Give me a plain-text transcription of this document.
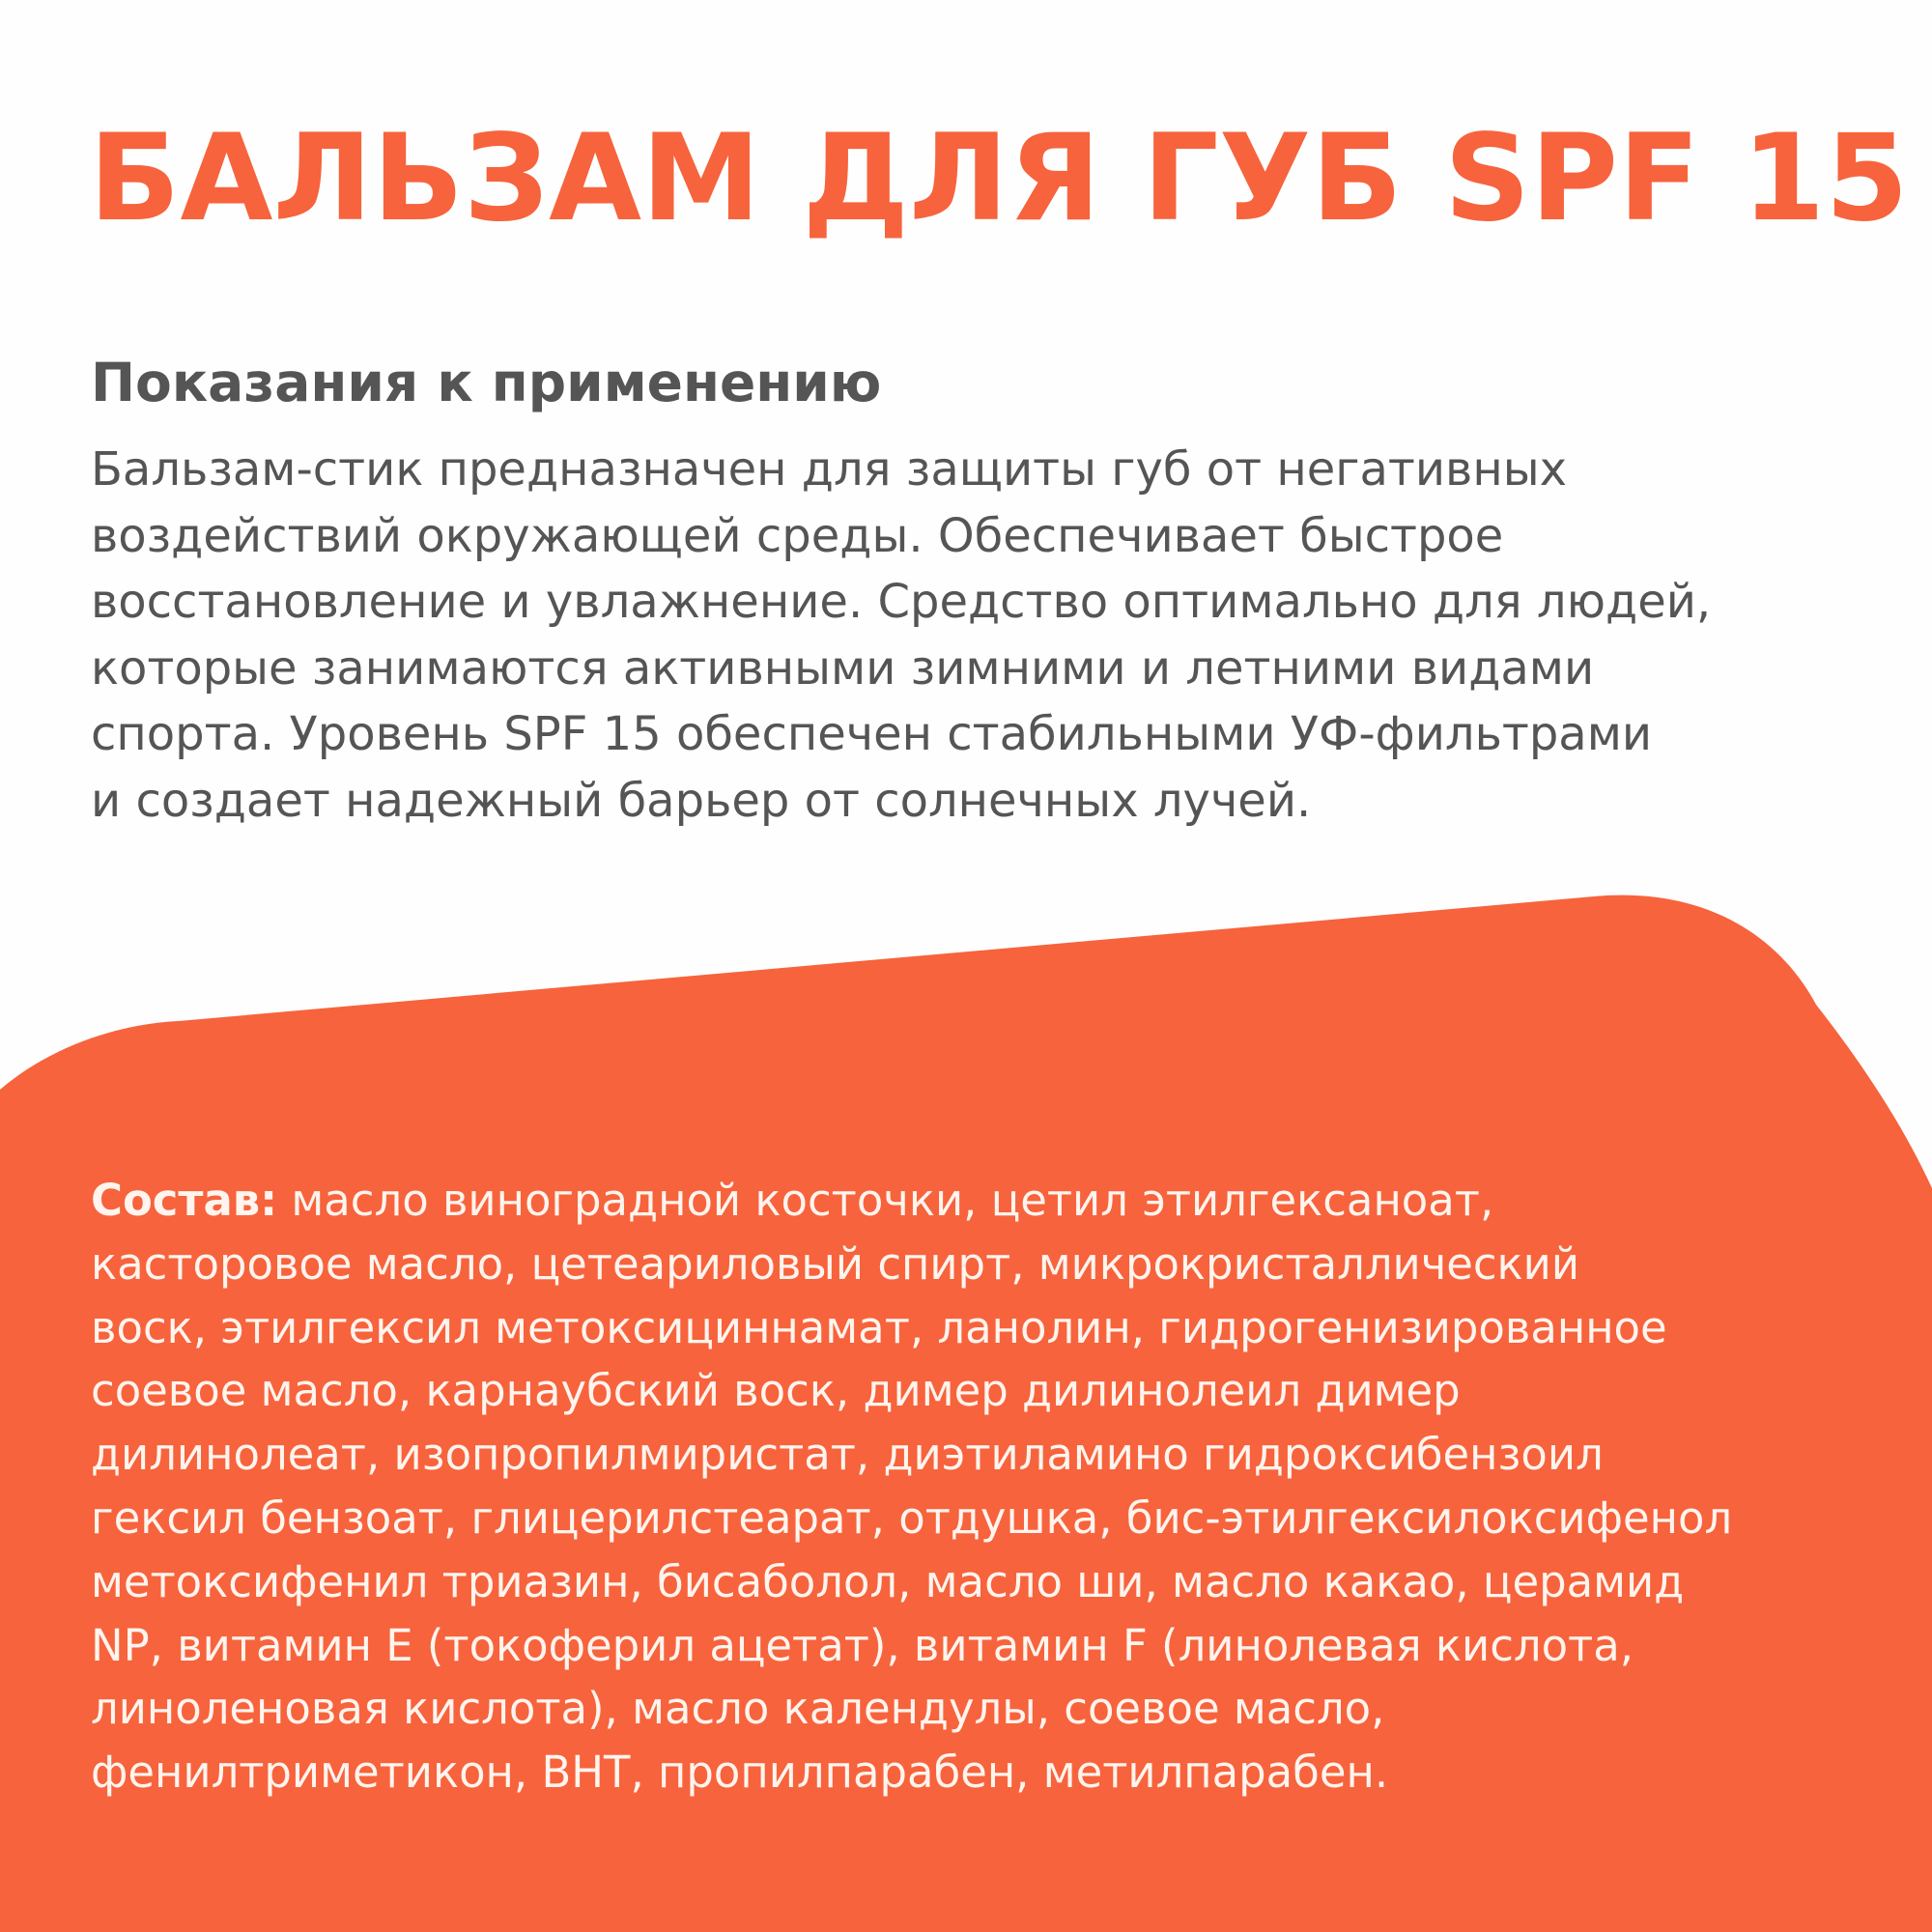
БАЛЬЗАМ ДЛЯ ГУБ SPF 15
Показания к применению
Бальзам-стик предназначен для защиты губ от негативных
воздействий окружающей среды. Обеспечивает быстрое
восстановление и увлажнение. Средство оптимально для людей,
которые занимаются активными зимними и летними видами
спорта. Уровень SPF 15 обеспечен стабильными УФ-фильтрами
и создает надежный барьер от солнечных лучей.
Состав: масло виноградной косточки, цетил этилгексаноат,
касторовое масло, цетеариловый спирт, микрокристаллический
воск, этилгексил метоксициннамат, ланолин, гидрогенизированное
соевое масло, карнаубский воск, димер дилинолеил димер
дилинолеат, изопропилмиристат, диэтиламино гидроксибензоил
гексил бензоат, глицерилстеарат, отдушка, бис-этилгексилоксифенол
метоксифенил триазин, бисаболол, масло ши, масло какао, церамид
NP, витамин Е (токоферил ацетат), витамин F (линолевая кислота,
линоленовая кислота), масло календулы, соевое масло,
фенилтриметикон, BHT, пропилпарабен, метилпарабен.
